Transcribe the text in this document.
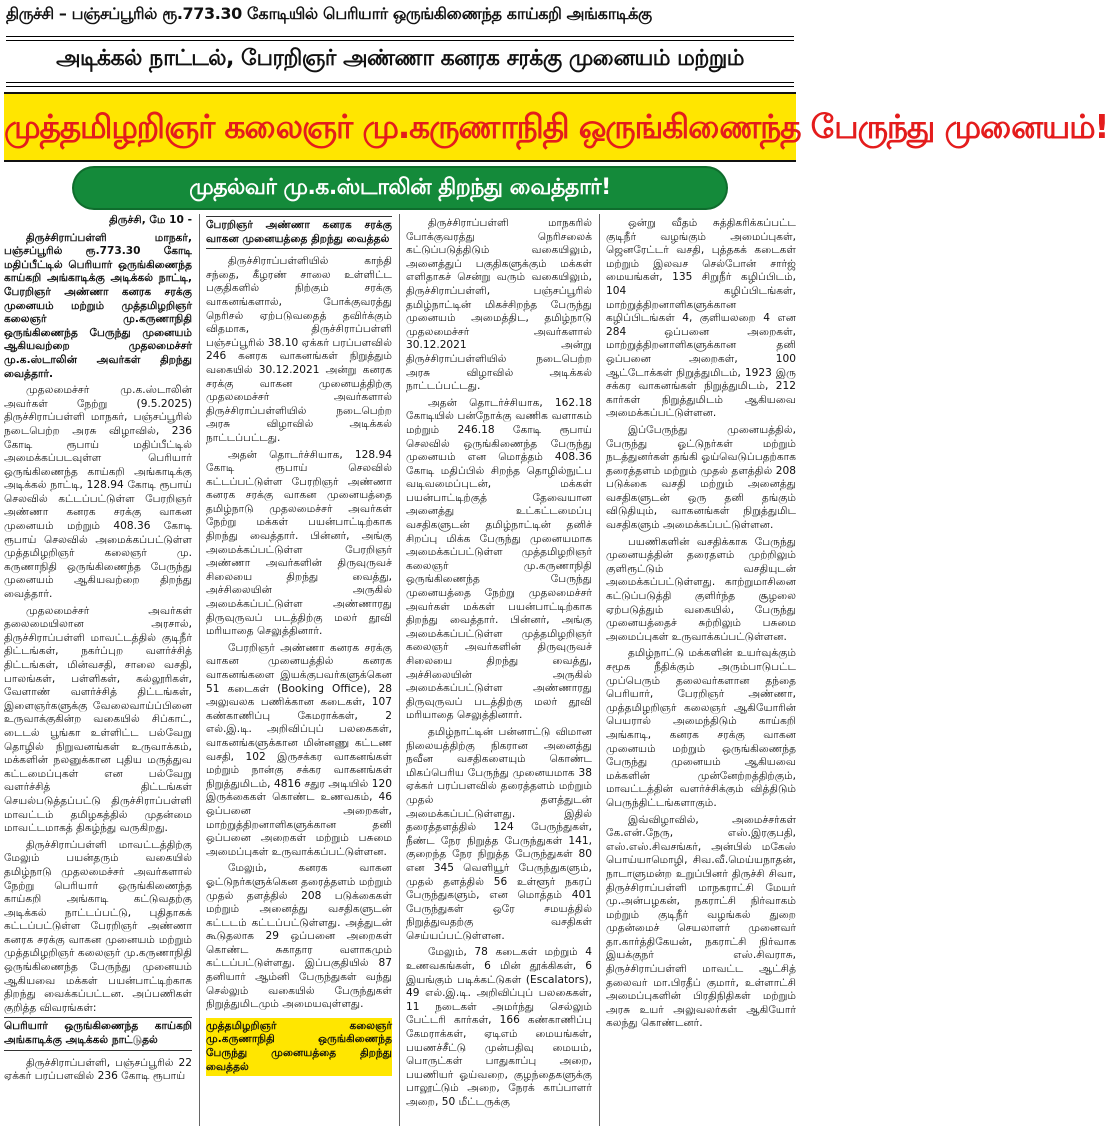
திருச்சி – பஞ்சப்பூரில் ரூ.773.30 கோடியில் பெரியார் ஒருங்கிணைந்த காய்கறி அங்காடிக்கு
அடிக்கல் நாட்டல், பேரறிஞர் அண்ணா கனரக சரக்கு முனையம் மற்றும்
முத்தமிழறிஞர் கலைஞர் மு.கருணாநிதி ஒருங்கிணைந்த பேருந்து முனையம்!
முதல்வர் மு.க.ஸ்டாலின் திறந்து வைத்தார்!

திருச்சி, மே 10 -

திருச்சிராப்பள்ளி மாநகர், பஞ்சப்பூரில் ரூ.773.30 கோடி மதிப்பீட்டில் பெரியார் ஒருங்கிணைந்த காய்கறி அங்காடிக்கு அடிக்கல் நாட்டி, பேரறிஞர் அண்ணா கனரக சரக்கு முனையம் மற்றும் முத்தமிழறிஞர் கலைஞர் மு.கருணாநிதி ஒருங்கிணைந்த பேருந்து முனையம் ஆகியவற்றை முதலமைச்சர் மு.க.ஸ்டாலின் அவர்கள் திறந்து வைத்தார்.

முதலமைச்சர் மு.க.ஸ்டாலின் அவர்கள் நேற்று (9.5.2025) திருச்சிராப்பள்ளி மாநகர், பஞ்சப்பூரில் நடைபெற்ற அரசு விழாவில், 236 கோடி ரூபாய் மதிப்பீட்டில் அமைக்கப்படவுள்ள பெரியார் ஒருங்கிணைந்த காய்கறி அங்காடிக்கு அடிக்கல் நாட்டி, 128.94 கோடி ரூபாய் செலவில் கட்டப்பட்டுள்ள பேரறிஞர் அண்ணா கனரக சரக்கு வாகன முனையம் மற்றும் 408.36 கோடி ரூபாய் செலவில் அமைக்கப்பட்டுள்ள முத்தமிழறிஞர் கலைஞர் மு. கருணாநிதி ஒருங்கிணைந்த பேருந்து முனையம் ஆகியவற்றை திறந்து வைத்தார்.

முதலமைச்சர் அவர்கள் தலைமையிலான அரசால், திருச்சிராப்பள்ளி மாவட்டத்தில் குடிநீர் திட்டங்கள், நகர்ப்புற வளர்ச்சித் திட்டங்கள், மின்வசதி, சாலை வசதி, பாலங்கள், பள்ளிகள், கல்லூரிகள், வேளாண் வளர்ச்சித் திட்டங்கள், இளைஞர்களுக்கு வேலைவாய்ப்பினை உருவாக்குகின்ற வகையில் சிப்காட், டைடல் பூங்கா உள்ளிட்ட பல்வேறு தொழில் நிறுவனங்கள் உருவாக்கம், மக்களின் நலனுக்கான புதிய மருத்துவ கட்டமைப்புகள் என பல்வேறு வளர்ச்சித் திட்டங்கள் செயல்படுத்தப்பட்டு திருச்சிராப்பள்ளி மாவட்டம் தமிழகத்தில் முதன்மை மாவட்டமாகத் திகழ்ந்து வருகிறது.

திருச்சிராப்பள்ளி மாவட்டத்திற்கு மேலும் பயன்தரும் வகையில் தமிழ்நாடு முதலமைச்சர் அவர்களால் நேற்று பெரியார் ஒருங்கிணைந்த காய்கறி அங்காடி கட்டுவதற்கு அடிக்கல் நாட்டப்பட்டு, புதிதாகக் கட்டப்பட்டுள்ள பேரறிஞர் அண்ணா கனரக சரக்கு வாகன முனையம் மற்றும் முத்தமிழறிஞர் கலைஞர் மு.கருணாநிதி ஒருங்கிணைந்த பேருந்து முனையம் ஆகியவை மக்கள் பயன்பாட்டிற்காக திறந்து வைக்கப்பட்டன. அப்பணிகள் குறித்த விவரங்கள்:

பெரியார் ஒருங்கிணைந்த காய்கறி அங்காடிக்கு அடிக்கல் நாட்டுதல்

திருச்சிராப்பள்ளி, பஞ்சப்பூரில் 22 ஏக்கர் பரப்பளவில் 236 கோடி ரூபாய்

பேரறிஞர் அண்ணா கனரக சரக்கு வாகன முனையத்தை திறந்து வைத்தல்

திருச்சிராப்பள்ளியில் காந்தி சந்தை, கீழரண் சாலை உள்ளிட்ட பகுதிகளில் நிற்கும் சரக்கு வாகனங்களால், போக்குவரத்து நெரிசல் ஏற்படுவதைத் தவிர்க்கும் விதமாக, திருச்சிராப்பள்ளி பஞ்சப்பூரில் 38.10 ஏக்கர் பரப்பளவில் 246 கனரக வாகனங்கள் நிறுத்தும் வகையில் 30.12.2021 அன்று கனரக சரக்கு வாகன முனையத்திற்கு முதலமைச்சர் அவர்களால் திருச்சிராப்பள்ளியில் நடைபெற்ற அரசு விழாவில் அடிக்கல் நாட்டப்பட்டது.

அதன் தொடர்ச்சியாக, 128.94 கோடி ரூபாய் செலவில் கட்டப்பட்டுள்ள பேரறிஞர் அண்ணா கனரக சரக்கு வாகன முனையத்தை தமிழ்நாடு முதலமைச்சர் அவர்கள் நேற்று மக்கள் பயன்பாட்டிற்காக திறந்து வைத்தார். பின்னர், அங்கு அமைக்கப்பட்டுள்ள பேரறிஞர் அண்ணா அவர்களின் திருவுருவச் சிலையை திறந்து வைத்து, அச்சிலையின் அருகில் அமைக்கப்பட்டுள்ள அண்ணாரது திருவுருவப் படத்திற்கு மலர் தூவி மரியாதை செலுத்தினார்.

பேரறிஞர் அண்ணா கனரக சரக்கு வாகன முனையத்தில் கனரக வாகனங்களை இயக்குபவர்களுக்கென 51 கடைகள் (Booking Office), 28 அலுவலக பணிக்கான கடைகள், 107 கண்காணிப்பு கேமராக்கள், 2 எல்.இ.டி. அறிவிப்புப் பலகைகள், வாகனங்களுக்கான மின்னணு கட்டண வசதி, 102 இருசக்கர வாகனங்கள் மற்றும் நான்கு சக்கர வாகனங்கள் நிறுத்துமிடம், 4816 சதுர அடியில் 120 இருக்கைகள் கொண்ட உணவகம், 46 ஒப்பனை அறைகள், மாற்றுத்திறனாளிகளுக்கான தனி ஒப்பனை அறைகள் மற்றும் பசுமை அமைப்புகள் உருவாக்கப்பட்டுள்ளன.

மேலும், கனரக வாகன ஓட்டுநர்களுக்கென தரைத்தளம் மற்றும் முதல் தளத்தில் 208 படுக்கைகள் மற்றும் அனைத்து வசதிகளுடன் கட்டடம் கட்டப்பட்டுள்ளது. அத்துடன் கூடுதலாக 29 ஒப்பனை அறைகள் கொண்ட சுகாதார வளாகமும் கட்டப்பட்டுள்ளது. இப்பகுதியில் 87 தனியார் ஆம்னி பேருந்துகள் வந்து செல்லும் வகையில் பேருந்துகள் நிறுத்துமிடமும் அமையவுள்ளது.

முத்தமிழறிஞர் கலைஞர் மு.கருணாநிதி ஒருங்கிணைந்த பேருந்து முனையத்தை திறந்து வைத்தல்

திருச்சிராப்பள்ளி மாநகரில் போக்குவரத்து நெரிசலைக் கட்டுப்படுத்திடும் வகையிலும், அனைத்துப் பகுதிகளுக்கும் மக்கள் எளிதாகச் சென்று வரும் வகையிலும், திருச்சிராப்பள்ளி, பஞ்சப்பூரில் தமிழ்நாட்டின் மிகச்சிறந்த பேருந்து முனையம் அமைத்திட, தமிழ்நாடு முதலமைச்சர் அவர்களால் 30.12.2021 அன்று திருச்சிராப்பள்ளியில் நடைபெற்ற அரசு விழாவில் அடிக்கல் நாட்டப்பட்டது.

அதன் தொடர்ச்சியாக, 162.18 கோடியில் பன்நோக்கு வணிக வளாகம் மற்றும் 246.18 கோடி ரூபாய் செலவில் ஒருங்கிணைந்த பேருந்து முனையம் என மொத்தம் 408.36 கோடி மதிப்பில் சிறந்த தொழில்நுட்ப வடிவமைப்புடன், மக்கள் பயன்பாட்டிற்குத் தேவையான அனைத்து உட்கட்டமைப்பு வசதிகளுடன் தமிழ்நாட்டின் தனிச் சிறப்பு மிக்க பேருந்து முனையமாக அமைக்கப்பட்டுள்ள முத்தமிழறிஞர் கலைஞர் மு.கருணாநிதி ஒருங்கிணைந்த பேருந்து முனையத்தை நேற்று முதலமைச்சர் அவர்கள் மக்கள் பயன்பாட்டிற்காக திறந்து வைத்தார். பின்னர், அங்கு அமைக்கப்பட்டுள்ள முத்தமிழறிஞர் கலைஞர் அவர்களின் திருவுருவச் சிலையை திறந்து வைத்து, அச்சிலையின் அருகில் அமைக்கப்பட்டுள்ள அண்ணாரது திருவுருவப் படத்திற்கு மலர் தூவி மரியாதை செலுத்தினார்.

தமிழ்நாட்டின் பன்னாட்டு விமான நிலையத்திற்கு நிகரான அனைத்து நவீன வசதிகளையும் கொண்ட மிகப்பெரிய பேருந்து முனையமாக 38 ஏக்கர் பரப்பளவில் தரைத்தளம் மற்றும் முதல் தளத்துடன் அமைக்கப்பட்டுள்ளது. இதில் தரைத்தளத்தில் 124 பேருந்துகள், நீண்ட நேர நிறுத்த பேருந்துகள் 141, குறைந்த நேர நிறுத்த பேருந்துகள் 80 என 345 வெளியூர் பேருந்துகளும், முதல் தளத்தில் 56 உள்ளூர் நகரப் பேருந்துகளும், என மொத்தம் 401 பேருந்துகள் ஒரே சமயத்தில் நிறுத்துவதற்கு வசதிகள் செய்யப்பட்டுள்ளன.

மேலும், 78 கடைகள் மற்றும் 4 உணவகங்கள், 6 மின் தூக்கிகள், 6 இயங்கும் படிக்கட்டுகள் (Escalators), 49 எல்.இ.டி. அறிவிப்புப் பலகைகள், 11 நடைகள் அமர்ந்து செல்லும் பேட்டரி கார்கள், 166 கண்காணிப்பு கேமராக்கள், ஏடிஎம் மையங்கள், பயணச்சீட்டு முன்பதிவு மையம், பொருட்கள் பாதுகாப்பு அறை, பயணியர் ஓய்வறை, குழந்தைகளுக்கு பாலூட்டும் அறை, நேரக் காப்பாளர் அறை, 50 மீட்டருக்கு

ஒன்று வீதம் சுத்திகரிக்கப்பட்ட குடிநீர் வழங்கும் அமைப்புகள், ஜெனரேட்டர் வசதி, புத்தகக் கடைகள் மற்றும் இலவச செல்போன் சார்ஜ் மையங்கள், 135 சிறுநீர் கழிப்பிடம், 104 கழிப்பிடங்கள், மாற்றுத்திறனாளிகளுக்கான கழிப்பிடங்கள் 4, குளியலறை 4 என 284 ஒப்பனை அறைகள், மாற்றுத்திறனாளிகளுக்கான தனி ஒப்பனை அறைகள், 100 ஆட்டோக்கள் நிறுத்துமிடம், 1923 இரு சக்கர வாகனங்கள் நிறுத்துமிடம், 212 கார்கள் நிறுத்துமிடம் ஆகியவை அமைக்கப்பட்டுள்ளன.

இப்பேருந்து முனையத்தில், பேருந்து ஓட்டுநர்கள் மற்றும் நடத்துனர்கள் தங்கி ஓய்வெடுப்பதற்காக தரைத்தளம் மற்றும் முதல் தளத்தில் 208 படுக்கை வசதி மற்றும் அனைத்து வசதிகளுடன் ஒரு தனி தங்கும் விடுதியும், வாகனங்கள் நிறுத்துமிட வசதிகளும் அமைக்கப்பட்டுள்ளன.

பயணிகளின் வசதிக்காக பேருந்து முனையத்தின் தரைதளம் முற்றிலும் குளிரூட்டும் வசதியுடன் அமைக்கப்பட்டுள்ளது. காற்றுமாசினை கட்டுப்படுத்தி குளிர்ந்த சூழலை ஏற்படுத்தும் வகையில், பேருந்து முனையத்தைச் சுற்றிலும் பசுமை அமைப்புகள் உருவாக்கப்பட்டுள்ளன.

தமிழ்நாட்டு மக்களின் உயர்வுக்கும் சமூக நீதிக்கும் அரும்பாடுபட்ட முப்பெரும் தலைவர்களான தந்தை பெரியார், பேரறிஞர் அண்ணா, முத்தமிழறிஞர் கலைஞர் ஆகியோரின் பெயரால் அமைந்திடும் காய்கறி அங்காடி, கனரக சரக்கு வாகன முனையம் மற்றும் ஒருங்கிணைந்த பேருந்து முனையம் ஆகியவை மக்களின் முன்னேற்றத்திற்கும், மாவட்டத்தின் வளர்ச்சிக்கும் வித்திடும் பெருந்திட்டங்களாகும்.

இவ்விழாவில், அமைச்சர்கள் கே.என்.நேரு, எஸ்.இரகுபதி, எஸ்.எஸ்.சிவசங்கர், அன்பில் மகேஸ் பொய்யாமொழி, சிவ.வீ.மெய்யநாதன், நாடாளுமன்ற உறுப்பினர் திருச்சி சிவா, திருச்சிராப்பள்ளி மாநகராட்சி மேயர் மு.அன்பழகன், நகராட்சி நிர்வாகம் மற்றும் குடிநீர் வழங்கல் துறை முதன்மைச் செயலாளர் முனைவர் தா.கார்த்திகேயன், நகராட்சி நிர்வாக இயக்குநர் எஸ்.சிவராசு, திருச்சிராப்பள்ளி மாவட்ட ஆட்சித் தலைவர் மா.பிரதீப் குமார், உள்ளாட்சி அமைப்புகளின் பிரதிநிதிகள் மற்றும் அரசு உயர் அலுவலர்கள் ஆகியோர் கலந்து கொண்டனர்.
